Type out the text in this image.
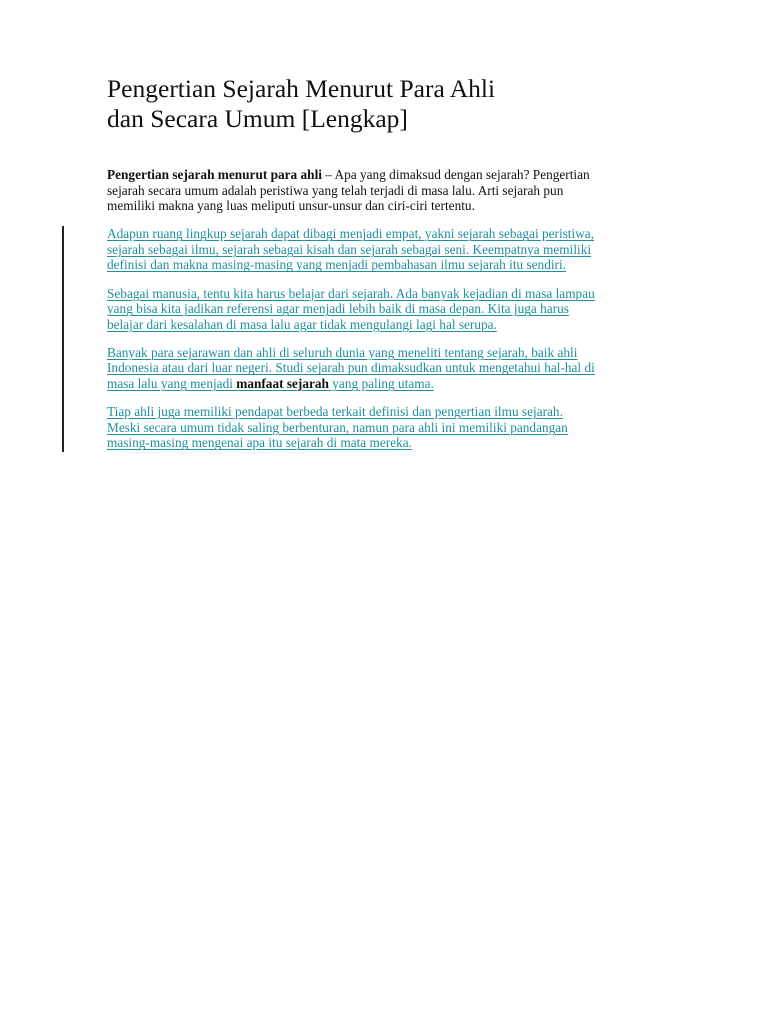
Pengertian Sejarah Menurut Para Ahli
dan Secara Umum [Lengkap]

Pengertian sejarah menurut para ahli – Apa yang dimaksud dengan sejarah? Pengertian
sejarah secara umum adalah peristiwa yang telah terjadi di masa lalu. Arti sejarah pun
memiliki makna yang luas meliputi unsur-unsur dan ciri-ciri tertentu.

Adapun ruang lingkup sejarah dapat dibagi menjadi empat, yakni sejarah sebagai peristiwa,
sejarah sebagai ilmu, sejarah sebagai kisah dan sejarah sebagai seni. Keempatnya memiliki
definisi dan makna masing-masing yang menjadi pembahasan ilmu sejarah itu sendiri.

Sebagai manusia, tentu kita harus belajar dari sejarah. Ada banyak kejadian di masa lampau
yang bisa kita jadikan referensi agar menjadi lebih baik di masa depan. Kita juga harus
belajar dari kesalahan di masa lalu agar tidak mengulangi lagi hal serupa.

Banyak para sejarawan dan ahli di seluruh dunia yang meneliti tentang sejarah, baik ahli
Indonesia atau dari luar negeri. Studi sejarah pun dimaksudkan untuk mengetahui hal-hal di
masa lalu yang menjadi manfaat sejarah yang paling utama.

Tiap ahli juga memiliki pendapat berbeda terkait definisi dan pengertian ilmu sejarah.
Meski secara umum tidak saling berbenturan, namun para ahli ini memiliki pandangan
masing-masing mengenai apa itu sejarah di mata mereka.
